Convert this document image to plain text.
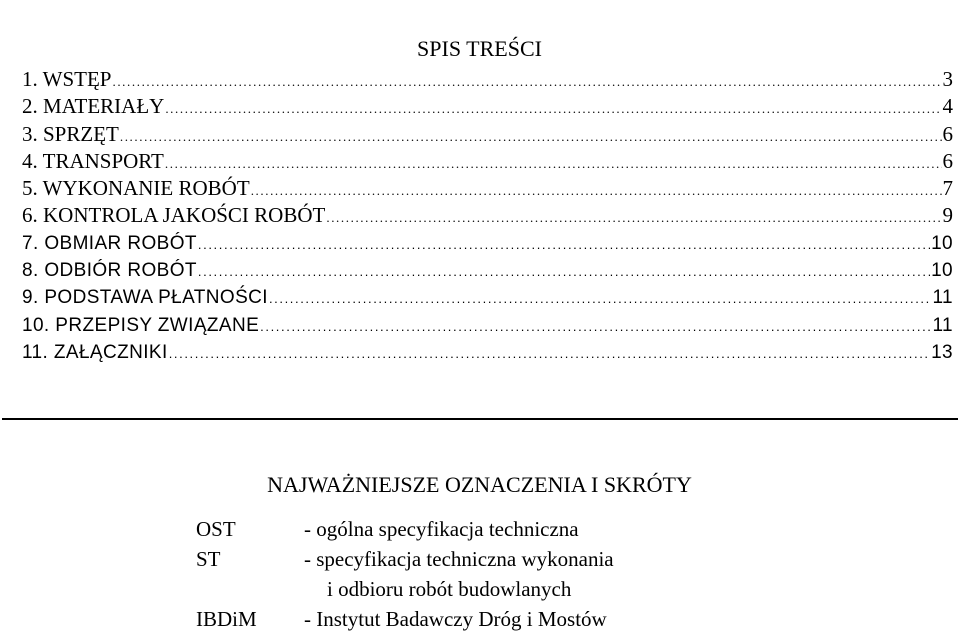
SPIS TREŚCI
1. WSTĘP .....	3
2. MATERIAŁY .....	4
3. SPRZĘT .....	6
4. TRANSPORT .....	6
5. WYKONANIE ROBÓT .....	7
6. KONTROLA JAKOŚCI ROBÓT .....	9
7. OBMIAR ROBÓT .....	10
8. ODBIÓR ROBÓT .....	10
9. PODSTAWA PŁATNOŚCI .....	11
10. PRZEPISY ZWIĄZANE .....	11
11. ZAŁĄCZNIKI .....	13
NAJWAŻNIEJSZE OZNACZENIA I SKRÓTY
OST	- ogólna specyfikacja techniczna
ST	- specyfikacja techniczna wykonania
i odbioru robót budowlanych
IBDiM	- Instytut Badawczy Dróg i Mostów
